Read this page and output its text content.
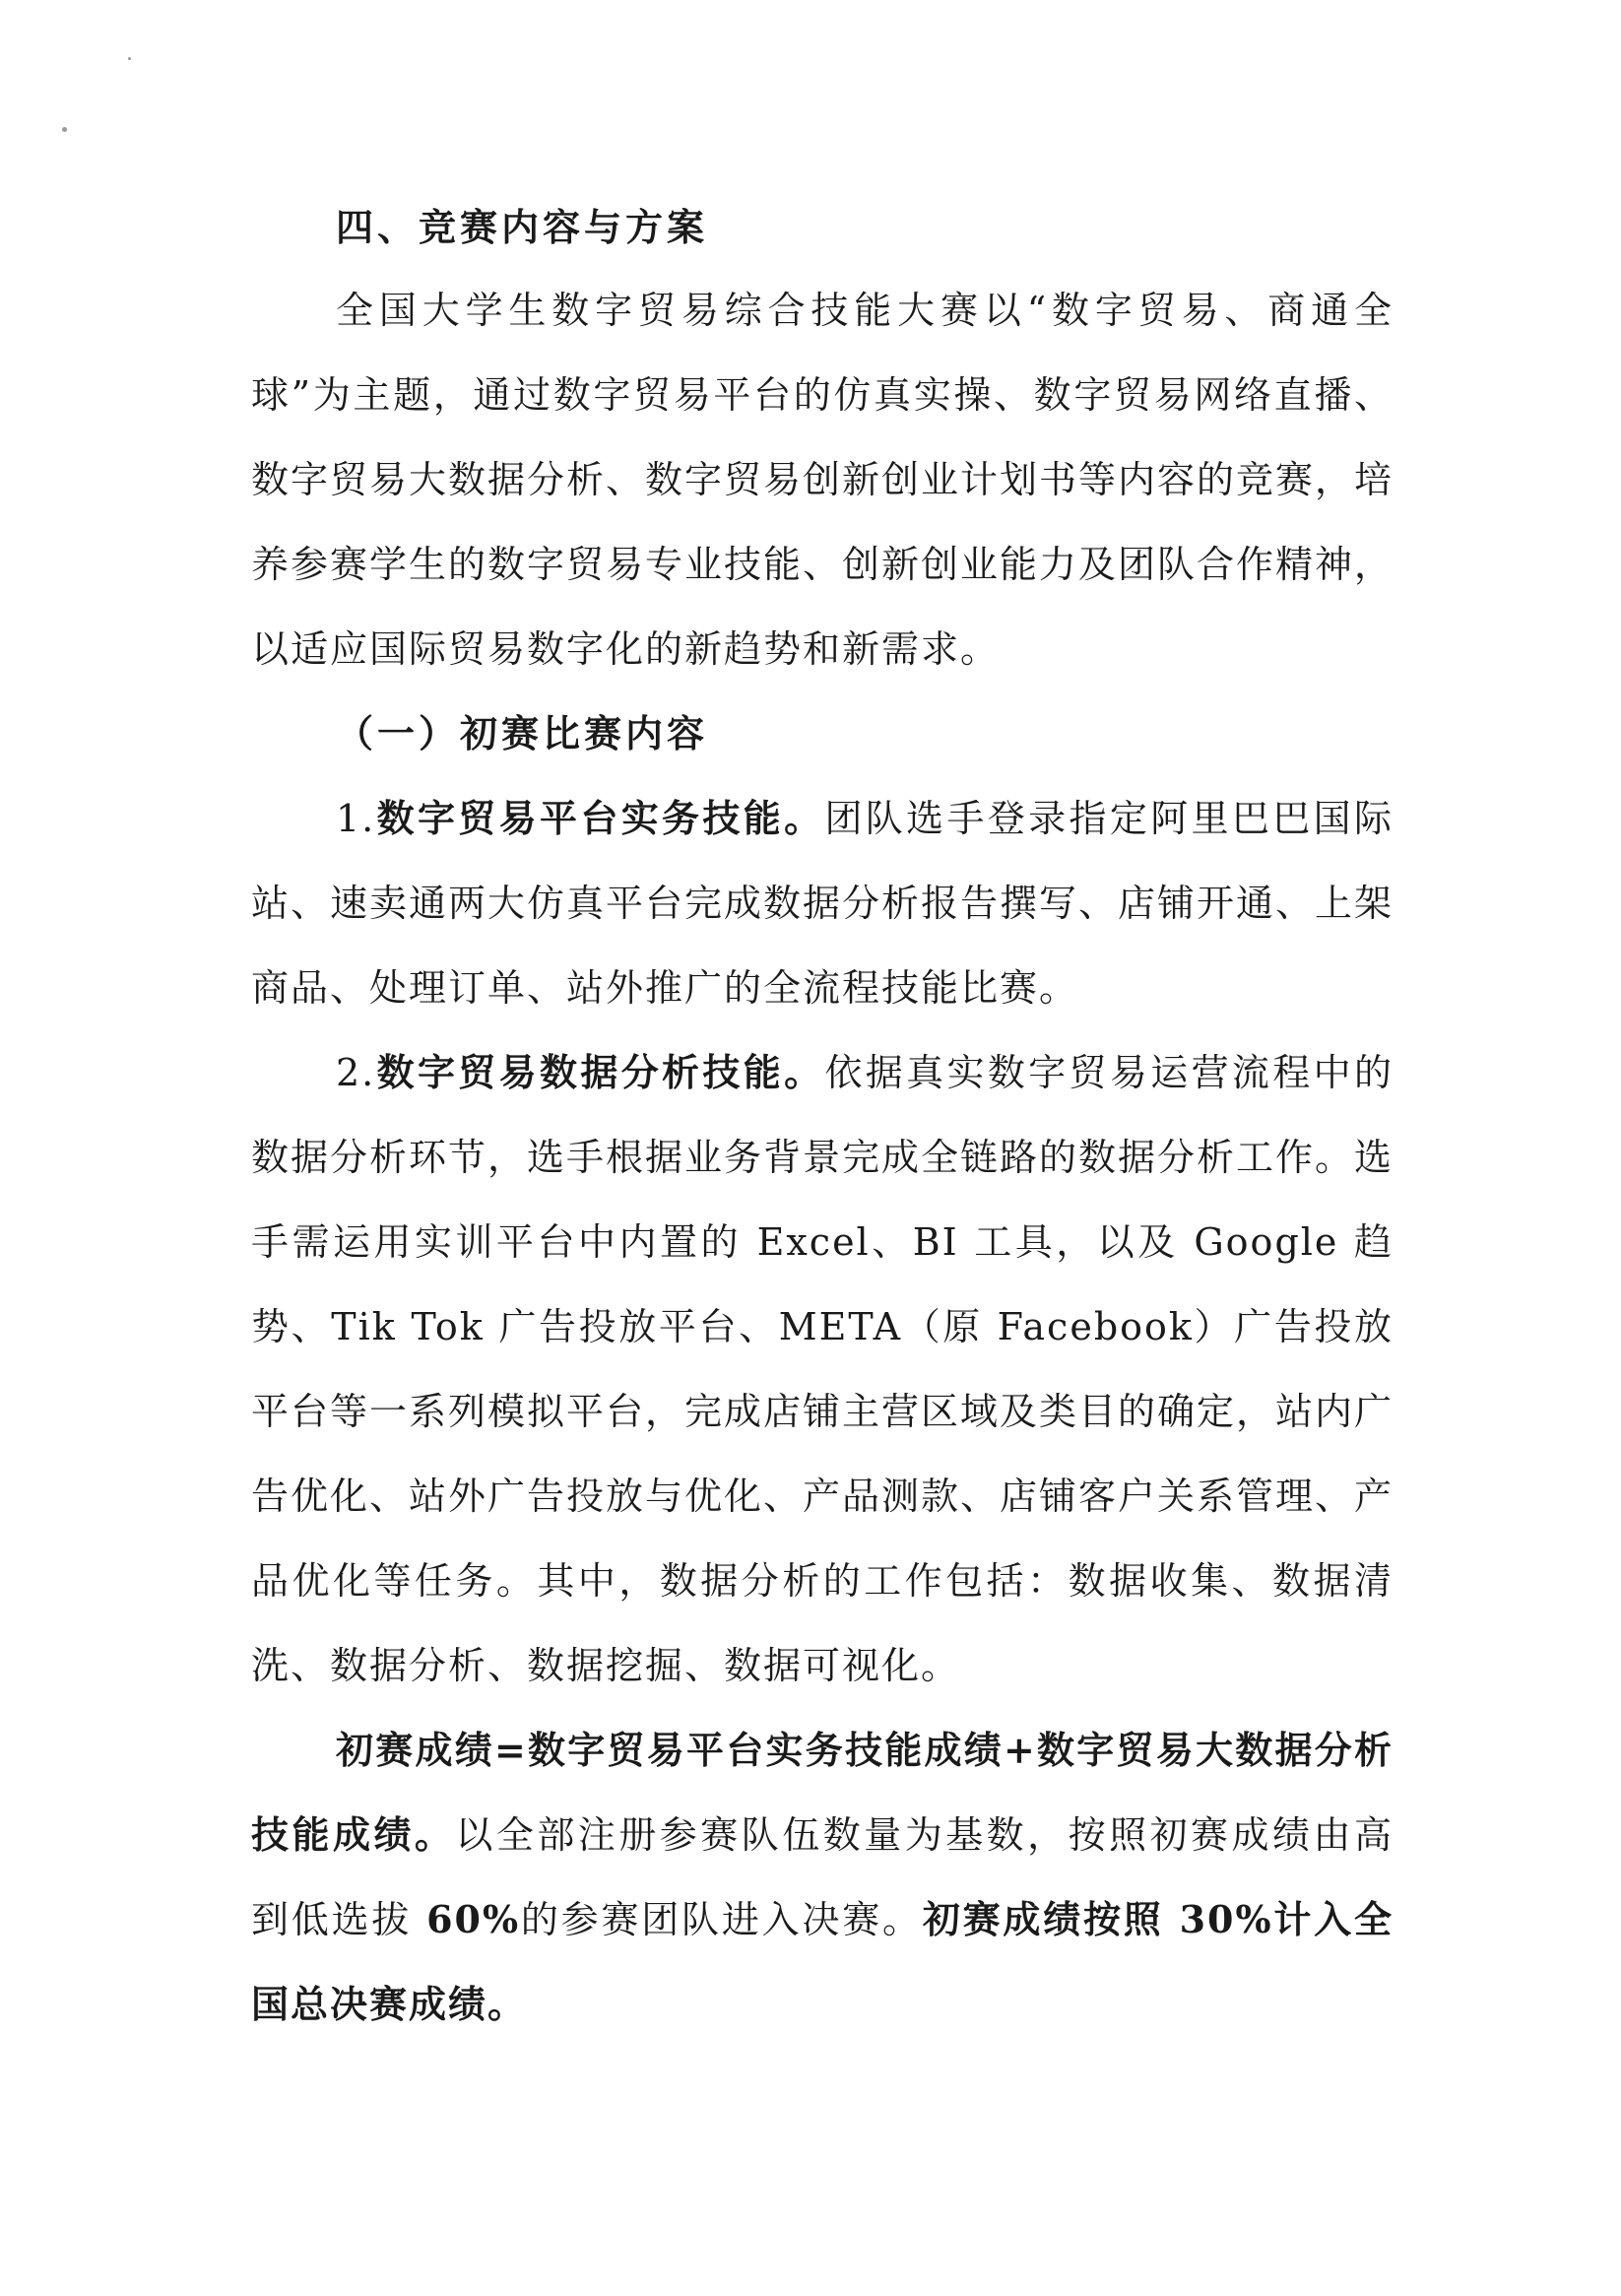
四、竞赛内容与方案

全国大学生数字贸易综合技能大赛以“数字贸易、商通全球”为主题，通过数字贸易平台的仿真实操、数字贸易网络直播、数字贸易大数据分析、数字贸易创新创业计划书等内容的竞赛，培养参赛学生的数字贸易专业技能、创新创业能力及团队合作精神，以适应国际贸易数字化的新趋势和新需求。

（一）初赛比赛内容

1.数字贸易平台实务技能。团队选手登录指定阿里巴巴国际站、速卖通两大仿真平台完成数据分析报告撰写、店铺开通、上架商品、处理订单、站外推广的全流程技能比赛。

2.数字贸易数据分析技能。依据真实数字贸易运营流程中的数据分析环节，选手根据业务背景完成全链路的数据分析工作。选手需运用实训平台中内置的 Excel、BI 工具，以及 Google 趋势、Tik Tok 广告投放平台、META（原 Facebook）广告投放平台等一系列模拟平台，完成店铺主营区域及类目的确定，站内广告优化、站外广告投放与优化、产品测款、店铺客户关系管理、产品优化等任务。其中，数据分析的工作包括：数据收集、数据清洗、数据分析、数据挖掘、数据可视化。

初赛成绩=数字贸易平台实务技能成绩+数字贸易大数据分析技能成绩。以全部注册参赛队伍数量为基数，按照初赛成绩由高到低选拔 60%的参赛团队进入决赛。初赛成绩按照 30%计入全国总决赛成绩。
